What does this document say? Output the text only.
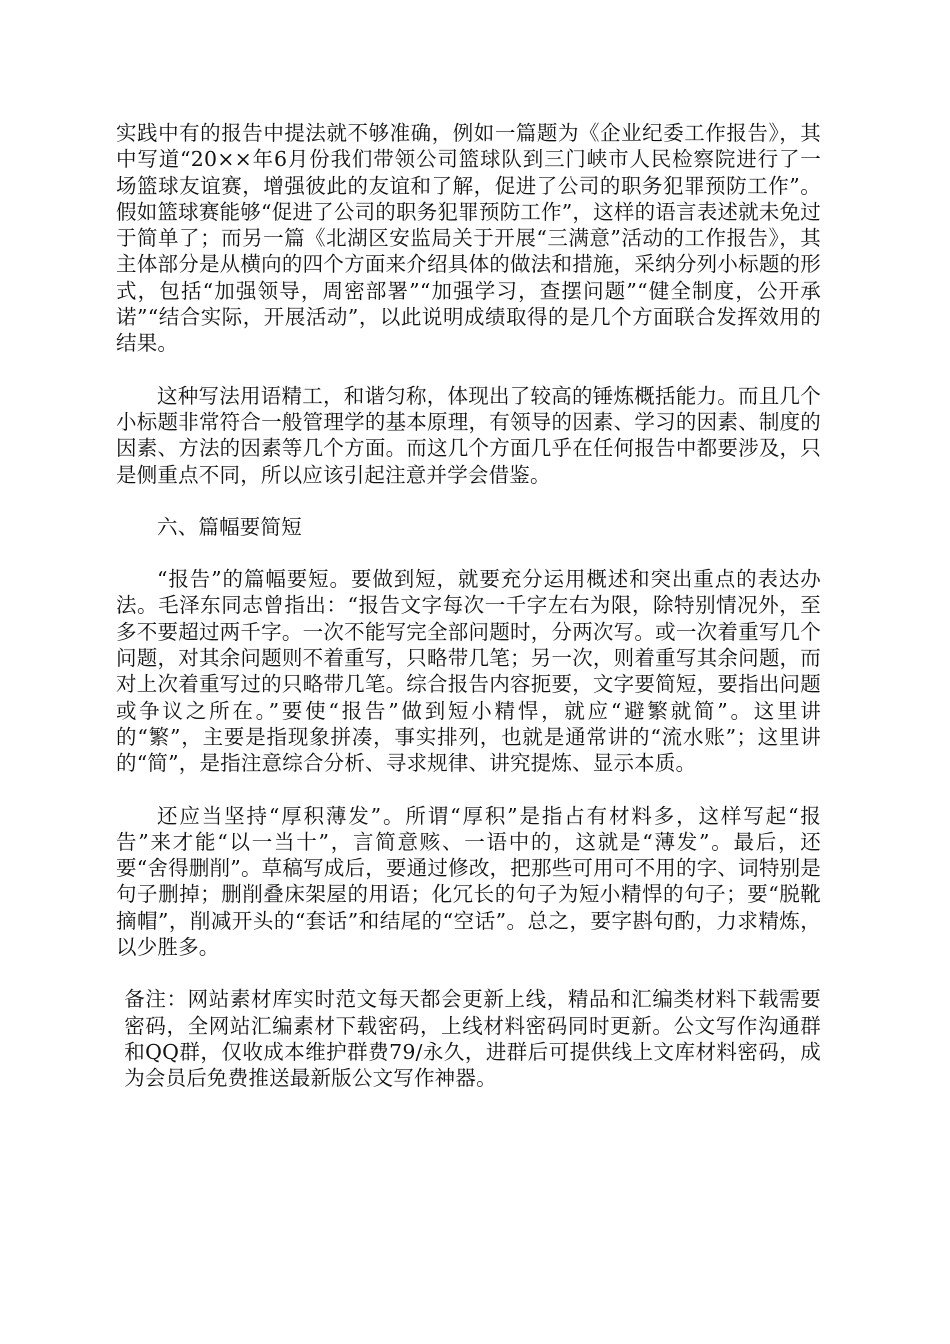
实践中有的报告中提法就不够准确，例如一篇题为《企业纪委工作报告》，其中写道“20××年6月份我们带领公司篮球队到三门峡市人民检察院进行了一场篮球友谊赛，增强彼此的友谊和了解，促进了公司的职务犯罪预防工作”。假如篮球赛能够“促进了公司的职务犯罪预防工作”，这样的语言表述就未免过于简单了；而另一篇《北湖区安监局关于开展“三满意”活动的工作报告》，其主体部分是从横向的四个方面来介绍具体的做法和措施，采纳分列小标题的形式，包括“加强领导，周密部署”“加强学习，查摆问题”“健全制度，公开承诺”“结合实际，开展活动”，以此说明成绩取得的是几个方面联合发挥效用的结果。

这种写法用语精工，和谐匀称，体现出了较高的锤炼概括能力。而且几个小标题非常符合一般管理学的基本原理，有领导的因素、学习的因素、制度的因素、方法的因素等几个方面。而这几个方面几乎在任何报告中都要涉及，只是侧重点不同，所以应该引起注意并学会借鉴。

六、篇幅要简短

“报告”的篇幅要短。要做到短，就要充分运用概述和突出重点的表达办法。毛泽东同志曾指出：“报告文字每次一千字左右为限，除特别情况外，至多不要超过两千字。一次不能写完全部问题时，分两次写。或一次着重写几个问题，对其余问题则不着重写，只略带几笔；另一次，则着重写其余问题，而对上次着重写过的只略带几笔。综合报告内容扼要，文字要简短，要指出问题或争议之所在。”要使“报告”做到短小精悍，就应“避繁就简”。这里讲的“繁”，主要是指现象拼凑，事实排列，也就是通常讲的“流水账”；这里讲的“简”，是指注意综合分析、寻求规律、讲究提炼、显示本质。

还应当坚持“厚积薄发”。所谓“厚积”是指占有材料多，这样写起“报告”来才能“以一当十”，言简意赅、一语中的，这就是“薄发”。最后，还要“舍得删削”。草稿写成后，要通过修改，把那些可用可不用的字、词特别是句子删掉；删削叠床架屋的用语；化冗长的句子为短小精悍的句子；要“脱靴摘帽”，削减开头的“套话”和结尾的“空话”。总之，要字斟句酌，力求精炼，以少胜多。

备注：网站素材库实时范文每天都会更新上线，精品和汇编类材料下载需要密码，全网站汇编素材下载密码，上线材料密码同时更新。公文写作沟通群和QQ群，仅收成本维护群费79/永久，进群后可提供线上文库材料密码，成为会员后免费推送最新版公文写作神器。
